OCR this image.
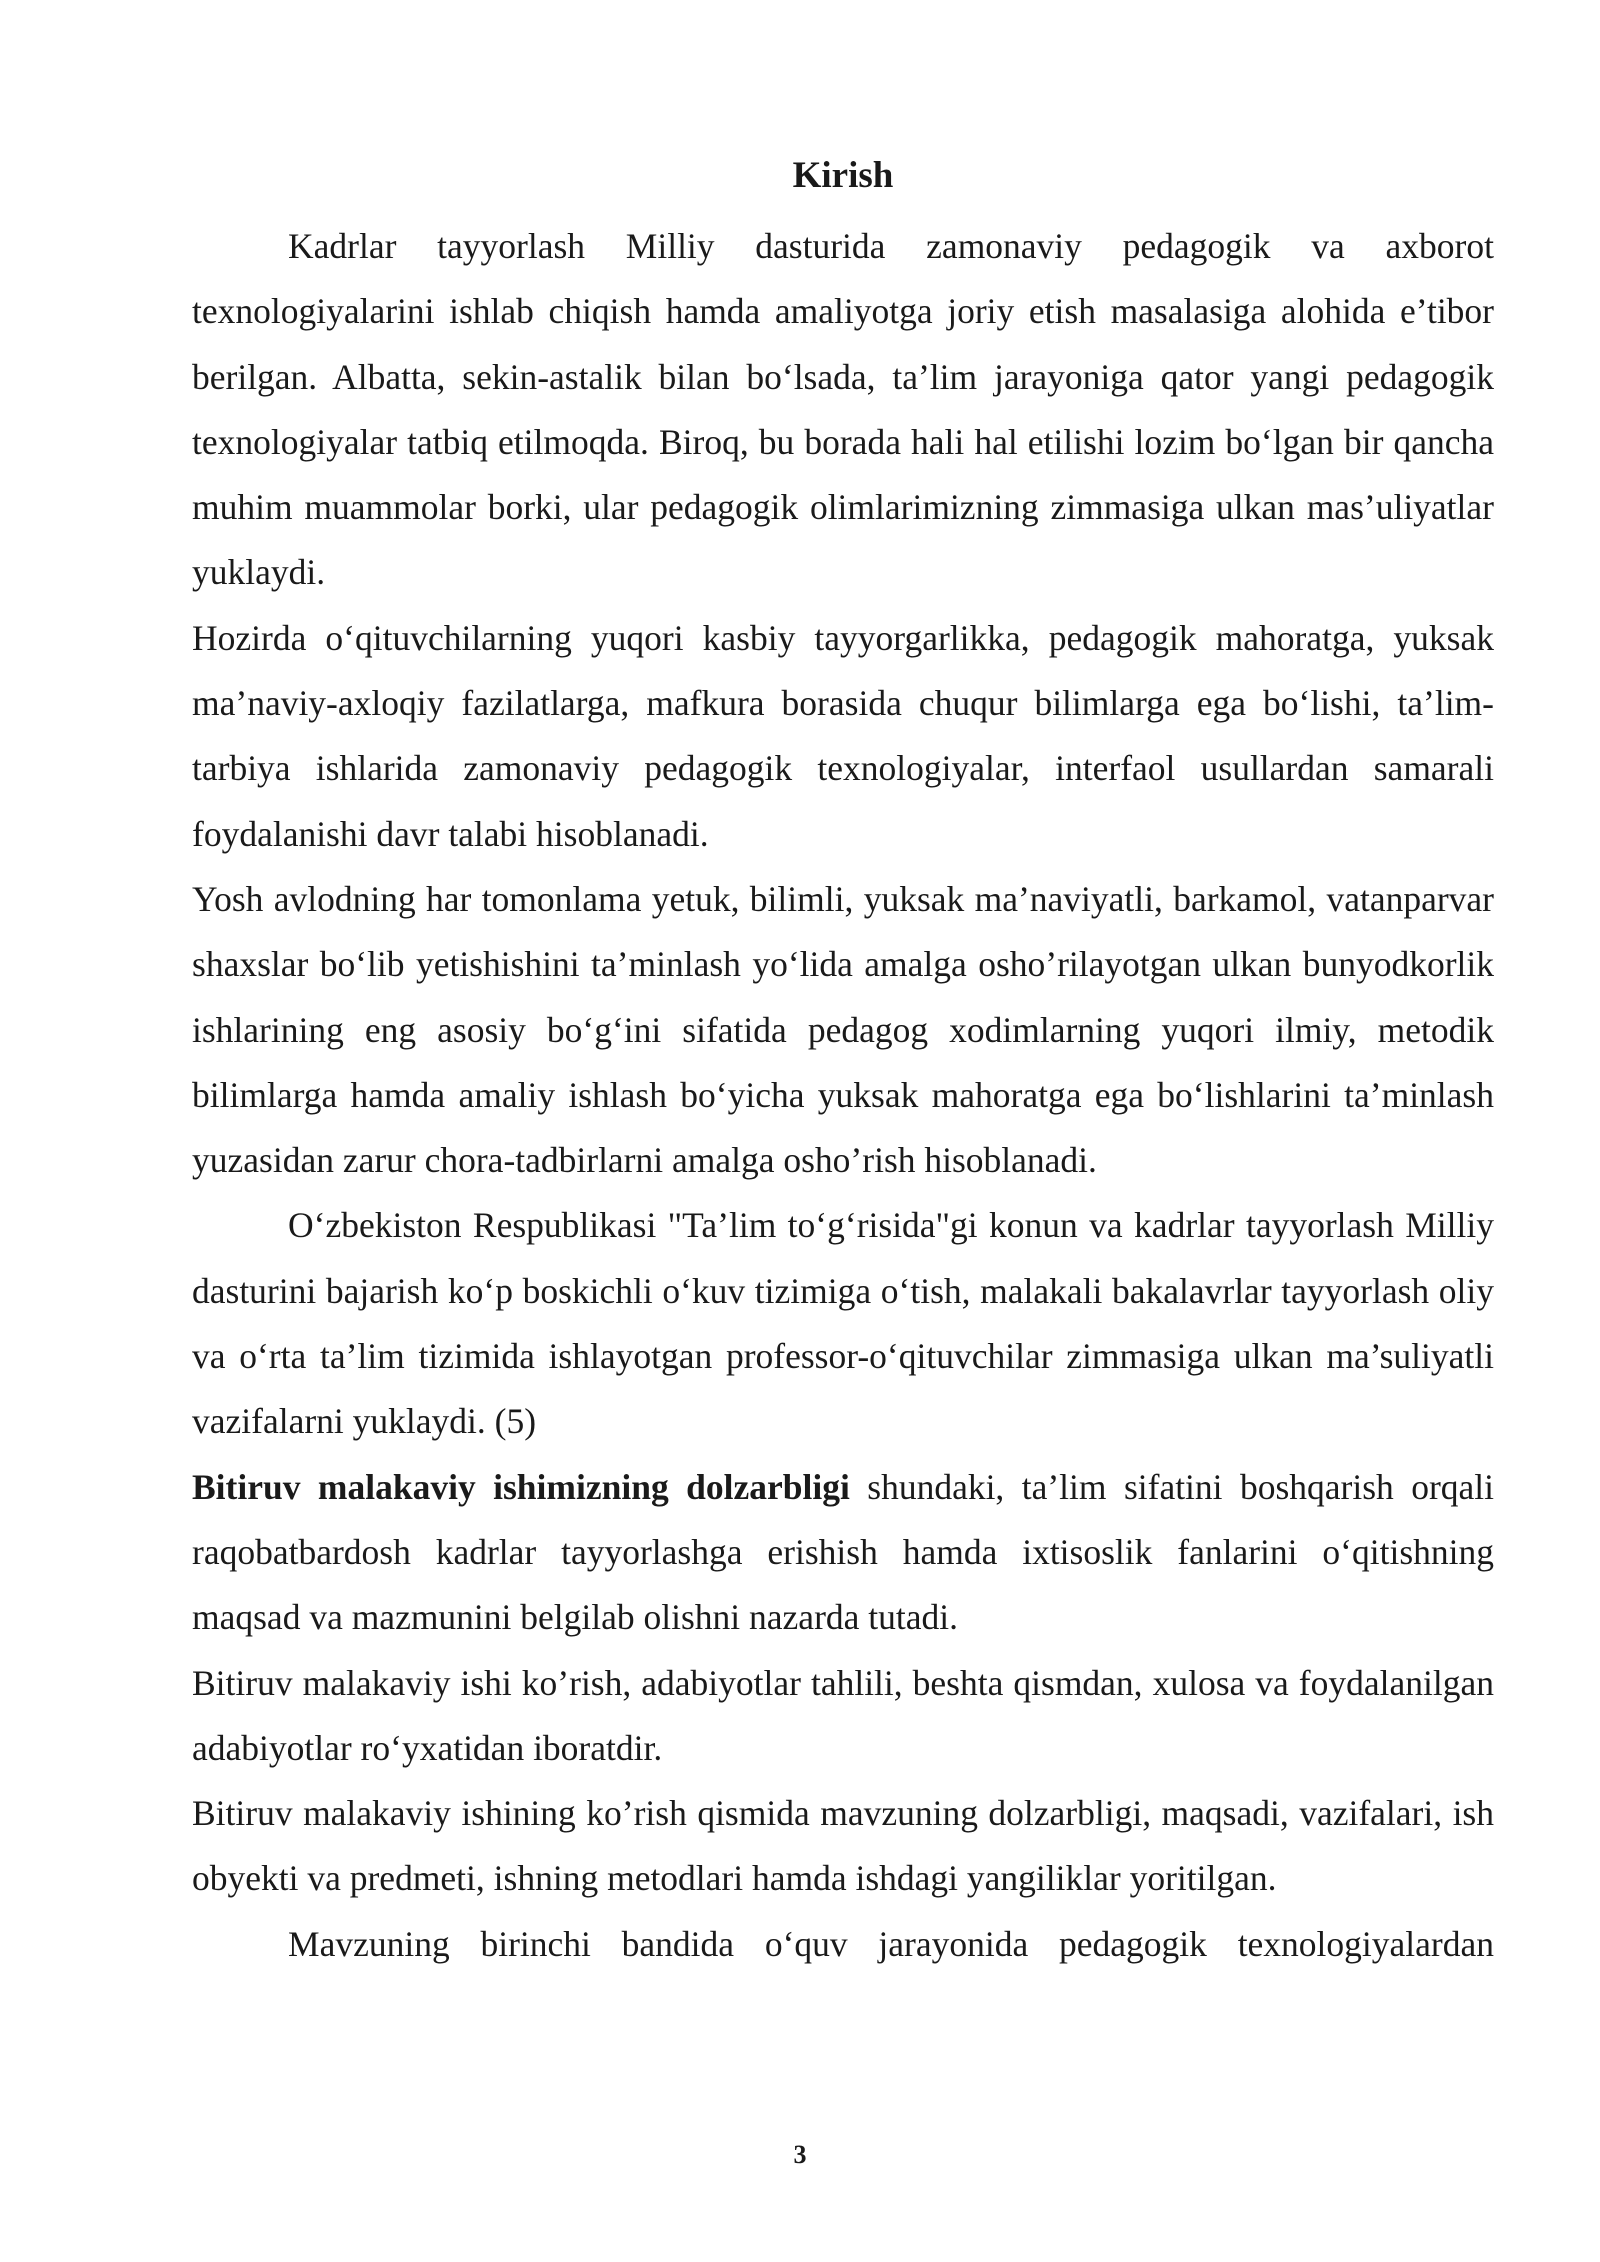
Kirish

Kadrlar tayyorlash Milliy dasturida zamonaviy pedagogik va axborot texnologiyalarini ishlab chiqish hamda amaliyotga joriy etish masalasiga alohida e’tibor berilgan. Albatta, sekin-astalik bilan bo‘lsada, ta’lim jarayoniga qator yangi pedagogik texnologiyalar tatbiq etilmoqda. Biroq, bu borada hali hal etilishi lozim bo‘lgan bir qancha muhim muammolar borki, ular pedagogik olimlarimizning zimmasiga ulkan mas’uliyatlar yuklaydi.

Hozirda o‘qituvchilarning yuqori kasbiy tayyorgarlikka, pedagogik mahoratga, yuksak ma’naviy-axloqiy fazilatlarga, mafkura borasida chuqur bilimlarga ega bo‘lishi, ta’lim-tarbiya ishlarida zamonaviy pedagogik texnologiyalar, interfaol usullardan samarali foydalanishi davr talabi hisoblanadi.

Yosh avlodning har tomonlama yetuk, bilimli, yuksak ma’naviyatli, barkamol, vatanparvar shaxslar bo‘lib yetishishini ta’minlash yo‘lida amalga osho’rilayotgan ulkan bunyodkorlik ishlarining eng asosiy bo‘g‘ini sifatida pedagog xodimlarning yuqori ilmiy, metodik bilimlarga hamda amaliy ishlash bo‘yicha yuksak mahoratga ega bo‘lishlarini ta’minlash yuzasidan zarur chora-tadbirlarni amalga osho’rish hisoblanadi.

O‘zbekiston Respublikasi "Ta’lim to‘g‘risida"gi konun va kadrlar tayyorlash Milliy dasturini bajarish ko‘p boskichli o‘kuv tizimiga o‘tish, malakali bakalavrlar tayyorlash oliy va o‘rta ta’lim tizimida ishlayotgan professor-o‘qituvchilar zimmasiga ulkan ma’suliyatli vazifalarni yuklaydi. (5)

Bitiruv malakaviy ishimizning dolzarbligi shundaki, ta’lim sifatini boshqarish orqali raqobatbardosh kadrlar tayyorlashga erishish hamda ixtisoslik fanlarini o‘qitishning maqsad va mazmunini belgilab olishni nazarda tutadi.

Bitiruv malakaviy ishi ko’rish, adabiyotlar tahlili, beshta qismdan, xulosa va foydalanilgan adabiyotlar ro‘yxatidan iboratdir.

Bitiruv malakaviy ishining ko’rish qismida mavzuning dolzarbligi, maqsadi, vazifalari, ish obyekti va predmeti, ishning metodlari hamda ishdagi yangiliklar yoritilgan.

Mavzuning birinchi bandida o‘quv jarayonida pedagogik texnologiyalardan

3
